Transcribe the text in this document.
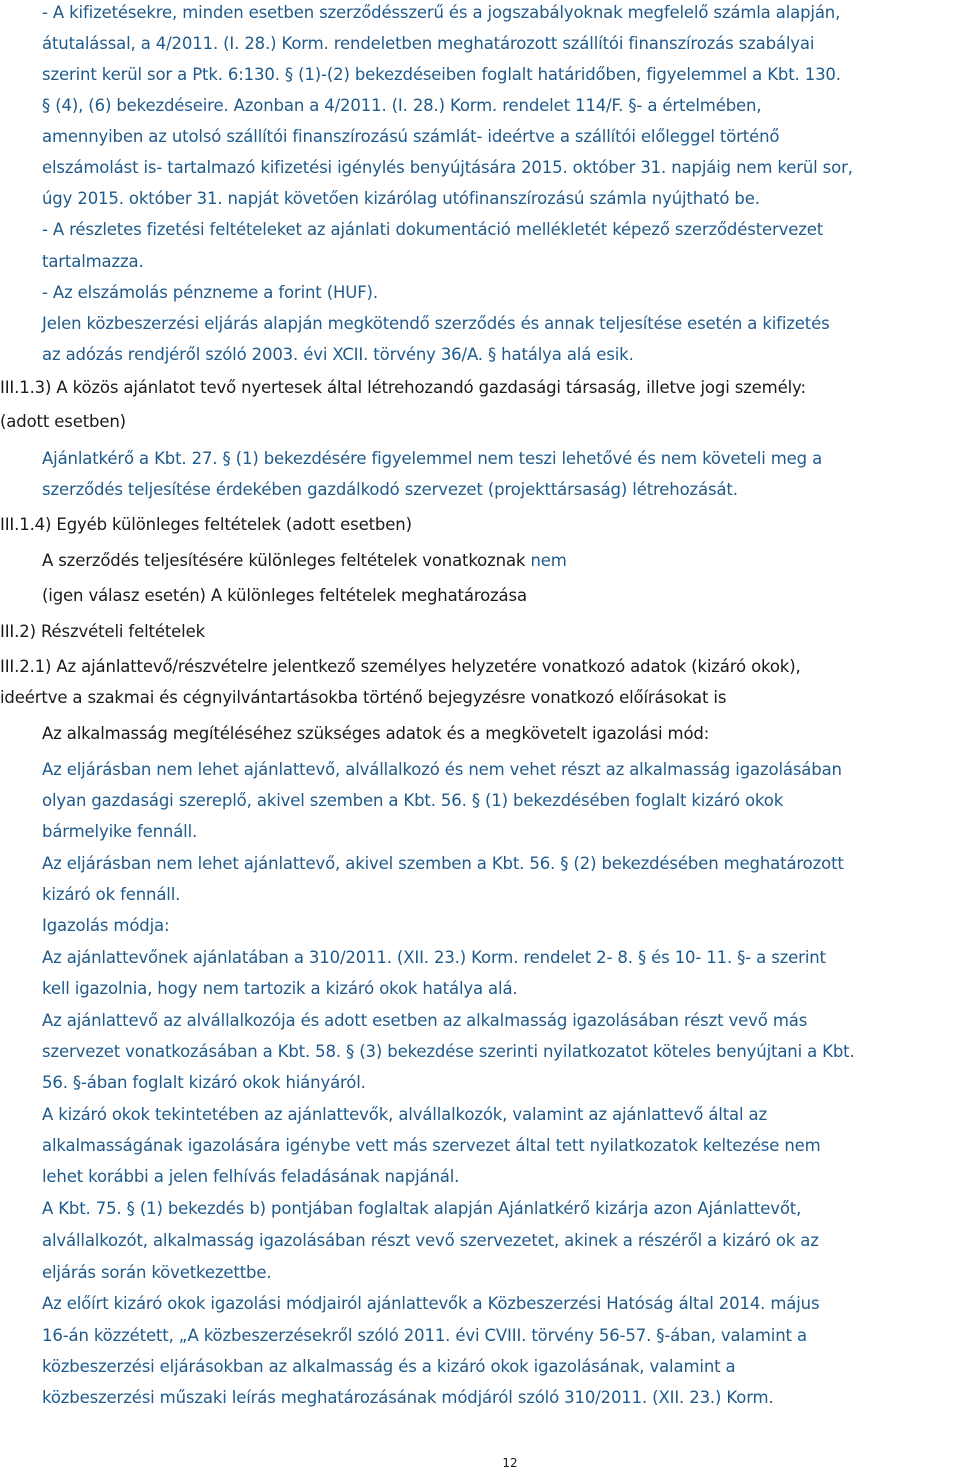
- A kifizetésekre, minden esetben szerződésszerű és a jogszabályoknak megfelelő számla alapján,
átutalással, a 4/2011. (I. 28.) Korm. rendeletben meghatározott szállítói finanszírozás szabályai
szerint kerül sor a Ptk. 6:130. § (1)-(2) bekezdéseiben foglalt határidőben, figyelemmel a Kbt. 130.
§ (4), (6) bekezdéseire. Azonban a 4/2011. (I. 28.) Korm. rendelet 114/F. §- a értelmében,
amennyiben az utolsó szállítói finanszírozású számlát- ideértve a szállítói előleggel történő
elszámolást is- tartalmazó kifizetési igénylés benyújtására 2015. október 31. napjáig nem kerül sor,
úgy 2015. október 31. napját követően kizárólag utófinanszírozású számla nyújtható be.
- A részletes fizetési feltételeket az ajánlati dokumentáció mellékletét képező szerződéstervezet
tartalmazza.
- Az elszámolás pénzneme a forint (HUF).
Jelen közbeszerzési eljárás alapján megkötendő szerződés és annak teljesítése esetén a kifizetés
az adózás rendjéről szóló 2003. évi XCII. törvény 36/A. § hatálya alá esik.
III.1.3) A közös ajánlatot tevő nyertesek által létrehozandó gazdasági társaság, illetve jogi személy:
(adott esetben)
Ajánlatkérő a Kbt. 27. § (1) bekezdésére figyelemmel nem teszi lehetővé és nem követeli meg a
szerződés teljesítése érdekében gazdálkodó szervezet (projekttársaság) létrehozását.
III.1.4) Egyéb különleges feltételek (adott esetben)
A szerződés teljesítésére különleges feltételek vonatkoznak nem
(igen válasz esetén) A különleges feltételek meghatározása
III.2) Részvételi feltételek
III.2.1) Az ajánlattevő/részvételre jelentkező személyes helyzetére vonatkozó adatok (kizáró okok),
ideértve a szakmai és cégnyilvántartásokba történő bejegyzésre vonatkozó előírásokat is
Az alkalmasság megítéléséhez szükséges adatok és a megkövetelt igazolási mód:
Az eljárásban nem lehet ajánlattevő, alvállalkozó és nem vehet részt az alkalmasság igazolásában
olyan gazdasági szereplő, akivel szemben a Kbt. 56. § (1) bekezdésében foglalt kizáró okok
bármelyike fennáll.
Az eljárásban nem lehet ajánlattevő, akivel szemben a Kbt. 56. § (2) bekezdésében meghatározott
kizáró ok fennáll.
Igazolás módja:
Az ajánlattevőnek ajánlatában a 310/2011. (XII. 23.) Korm. rendelet 2- 8. § és 10- 11. §- a szerint
kell igazolnia, hogy nem tartozik a kizáró okok hatálya alá.
Az ajánlattevő az alvállalkozója és adott esetben az alkalmasság igazolásában részt vevő más
szervezet vonatkozásában a Kbt. 58. § (3) bekezdése szerinti nyilatkozatot köteles benyújtani a Kbt.
56. §-ában foglalt kizáró okok hiányáról.
A kizáró okok tekintetében az ajánlattevők, alvállalkozók, valamint az ajánlattevő által az
alkalmasságának igazolására igénybe vett más szervezet által tett nyilatkozatok keltezése nem
lehet korábbi a jelen felhívás feladásának napjánál.
A Kbt. 75. § (1) bekezdés b) pontjában foglaltak alapján Ajánlatkérő kizárja azon Ajánlattevőt,
alvállalkozót, alkalmasság igazolásában részt vevő szervezetet, akinek a részéről a kizáró ok az
eljárás során következettbe.
Az előírt kizáró okok igazolási módjairól ajánlattevők a Közbeszerzési Hatóság által 2014. május
16-án közzétett, „A közbeszerzésekről szóló 2011. évi CVIII. törvény 56-57. §-ában, valamint a
közbeszerzési eljárásokban az alkalmasság és a kizáró okok igazolásának, valamint a
közbeszerzési műszaki leírás meghatározásának módjáról szóló 310/2011. (XII. 23.) Korm.
12
